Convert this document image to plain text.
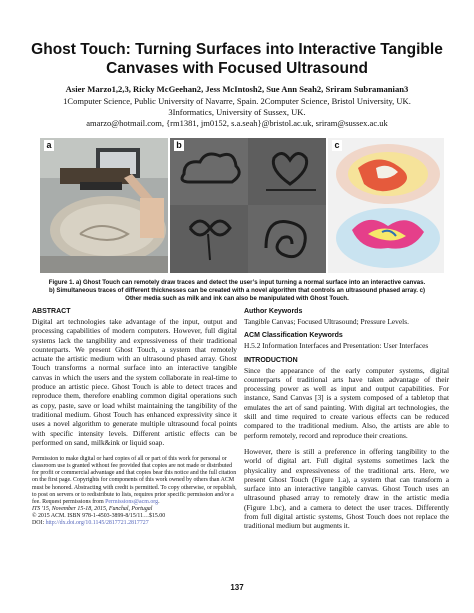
Ghost Touch: Turning Surfaces into Interactive Tangible
Canvases with Focused Ultrasound
Asier Marzo1,2,3, Ricky McGeehan2, Jess McIntosh2, Sue Ann Seah2, Sriram Subramanian3
1Computer Science, Public University of Navarre, Spain. 2Computer Science, Bristol University, UK.
3Informatics, University of Sussex, UK.
amarzo@hotmail.com, {rm1381, jm0152, s.a.seah}@bristol.ac.uk, sriram@sussex.ac.uk
a	b	c
Figure 1. a) Ghost Touch can remotely draw traces and detect the user’s input turning a normal surface into an interactive canvas.
b) Simultaneous traces of different thicknesses can be created with a novel algorithm that controls an ultrasound phased array. c)
Other media such as milk and ink can also be manipulated with Ghost Touch.
ABSTRACT
Digital art technologies take advantage of the input, output and processing capabilities of modern computers. However, full digital systems lack the tangibility and expressiveness of their traditional counterparts. We present Ghost Touch, a system that remotely actuate the artistic medium with an ultrasound phased array. Ghost Touch transforms a normal surface into an interactive tangible canvas in which the users and the system collaborate in real-time to produce an artistic piece. Ghost Touch is able to detect traces and reproduce them, therefore enabling common digital operations such as copy, paste, save or load whilst maintaining the tangibility of the traditional medium. Ghost Touch has enhanced expressivity since it uses a novel algorithm to generate multiple ultrasound focal points with specific intensity levels. Different artistic effects can be performed on sand, milk&ink or liquid soap.
Permission to make digital or hard copies of all or part of this work for personal or classroom use is granted without fee provided that copies are not made or distributed for profit or commercial advantage and that copies bear this notice and the full citation on the first page. Copyrights for components of this work owned by others than ACM must be honored. Abstracting with credit is permitted. To copy otherwise, or republish, to post on servers or to redistribute to lists, requires prior specific permission and/or a fee. Request permissions from Permissions@acm.org.
ITS '15, November 15-18, 2015, Funchal, Portugal
© 2015 ACM. ISBN 978-1-4503-3899-8/15/11…$15.00
DOI: http://dx.doi.org/10.1145/2817721.2817727
Author Keywords
Tangible Canvas; Focused Ultrasound; Pressure Levels.
ACM Classification Keywords
H.5.2 Information Interfaces and Presentation: User Interfaces
INTRODUCTION
Since the appearance of the early computer systems, digital counterparts of traditional arts have taken advantage of their processing power as well as input and output capabilities. For instance, Sand Canvas [3] is a system composed of a tabletop that emulates the art of sand painting. With digital art technologies, the skill and time required to create various effects can be reduced compared to the traditional medium. Also, the artists are able to perform remotely, record and reproduce their creations.
However, there is still a preference in offering tangibility to the world of digital art. Full digital systems sometimes lack the physicality and expressiveness of the traditional arts. Here, we present Ghost Touch (Figure 1.a), a system that can transform a surface into an interactive tangible canvas. Ghost Touch uses an ultrasound phased array to remotely draw in the artistic media (Figure 1.bc), and a camera to detect the user traces. Differently from full digital artistic systems, Ghost Touch does not replace the traditional medium but augments it.
137
